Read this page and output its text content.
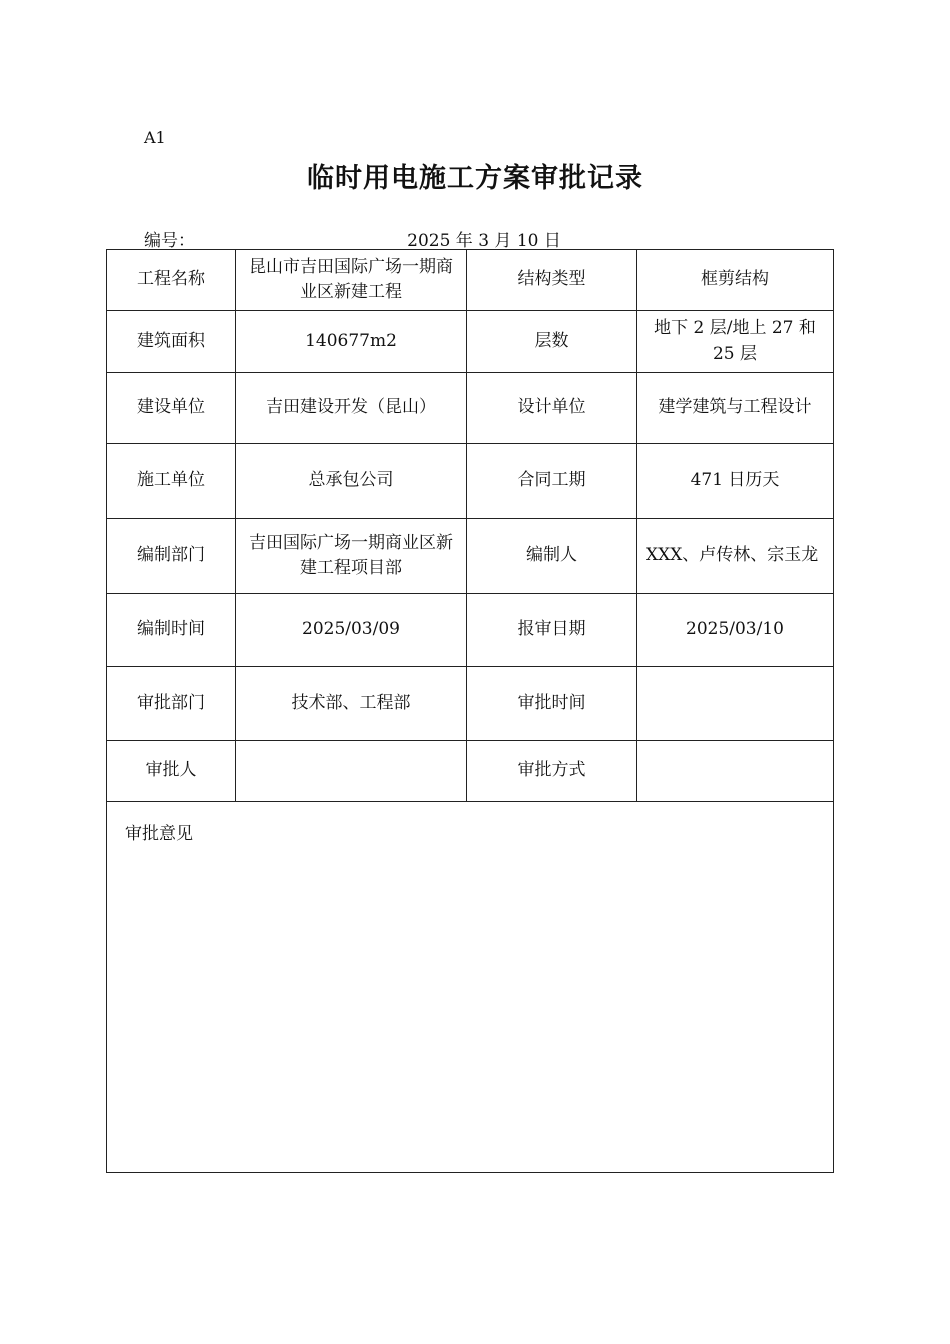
A1
临时用电施工方案审批记录
编号：	2025 年 3 月 10 日
工程名称	昆山市吉田国际广场一期商业区新建工程	结构类型	框剪结构
建筑面积	140677m2	层数	地下 2 层/地上 27 和 25 层
建设单位	吉田建设开发（昆山）	设计单位	建学建筑与工程设计
施工单位	总承包公司	合同工期	471 日历天
编制部门	吉田国际广场一期商业区新建工程项目部	编制人	XXX、卢传林、宗玉龙
编制时间	2025/03/09	报审日期	2025/03/10
审批部门	技术部、工程部	审批时间	
审批人		审批方式	
审批意见			
